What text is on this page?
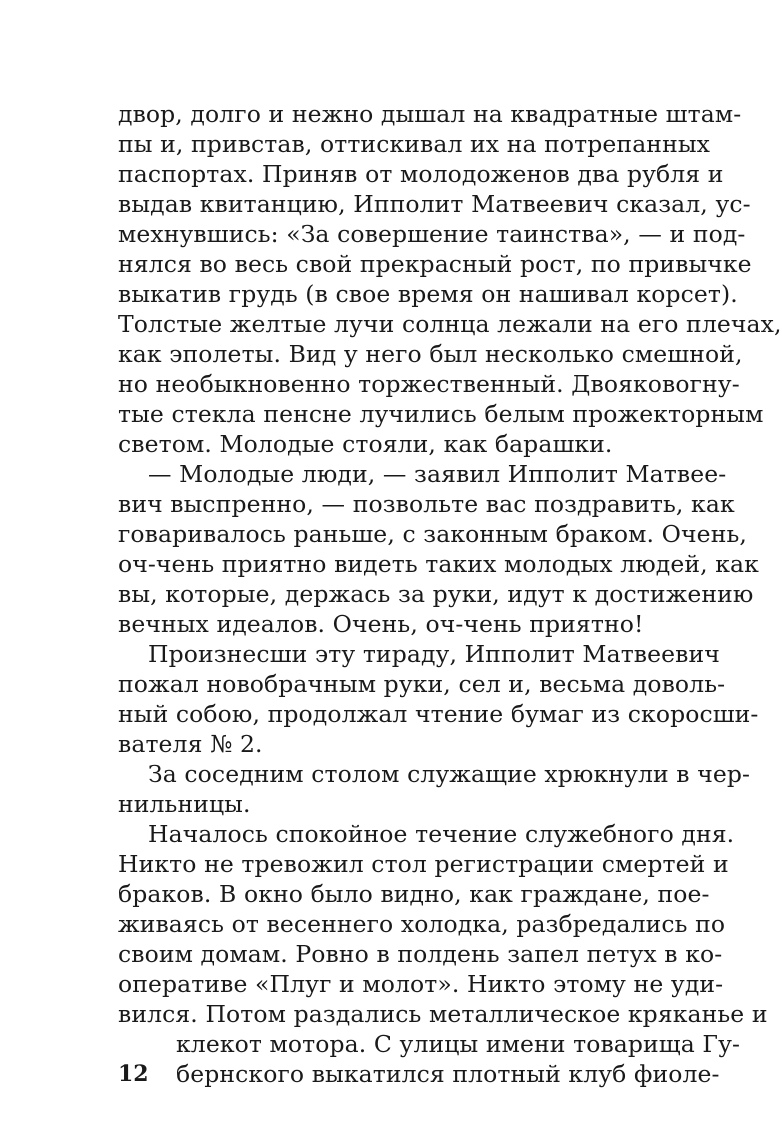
двор, долго и нежно дышал на квадратные штам-
пы и, привстав, оттискивал их на потрепанных
паспортах. Приняв от молодоженов два рубля и
выдав квитанцию, Ипполит Матвеевич сказал, ус-
мехнувшись: «За совершение таинства», — и под-
нялся во весь свой прекрасный рост, по привычке
выкатив грудь (в свое время он нашивал корсет).
Толстые желтые лучи солнца лежали на его плечах,
как эполеты. Вид у него был несколько смешной,
но необыкновенно торжественный. Двояковогну-
тые стекла пенсне лучились белым прожекторным
светом. Молодые стояли, как барашки.
— Молодые люди, — заявил Ипполит Матвее-
вич выспренно, — позвольте вас поздравить, как
говаривалось раньше, с законным браком. Очень,
оч-чень приятно видеть таких молодых людей, как
вы, которые, держась за руки, идут к достижению
вечных идеалов. Очень, оч-чень приятно!
Произнесши эту тираду, Ипполит Матвеевич
пожал новобрачным руки, сел и, весьма доволь-
ный собою, продолжал чтение бумаг из скоросши-
вателя № 2.
За соседним столом служащие хрюкнули в чер-
нильницы.
Началось спокойное течение служебного дня.
Никто не тревожил стол регистрации смертей и
браков. В окно было видно, как граждане, поe-
живаясь от весеннего холодка, разбредались по
своим домам. Ровно в полдень запел петух в ко-
оперативе «Плуг и молот». Никто этому не уди-
вился. Потом раздались металлическое кряканье и
клекот мотора. С улицы имени товарища Гу-
бернского выкатился плотный клуб фиоле-
12
